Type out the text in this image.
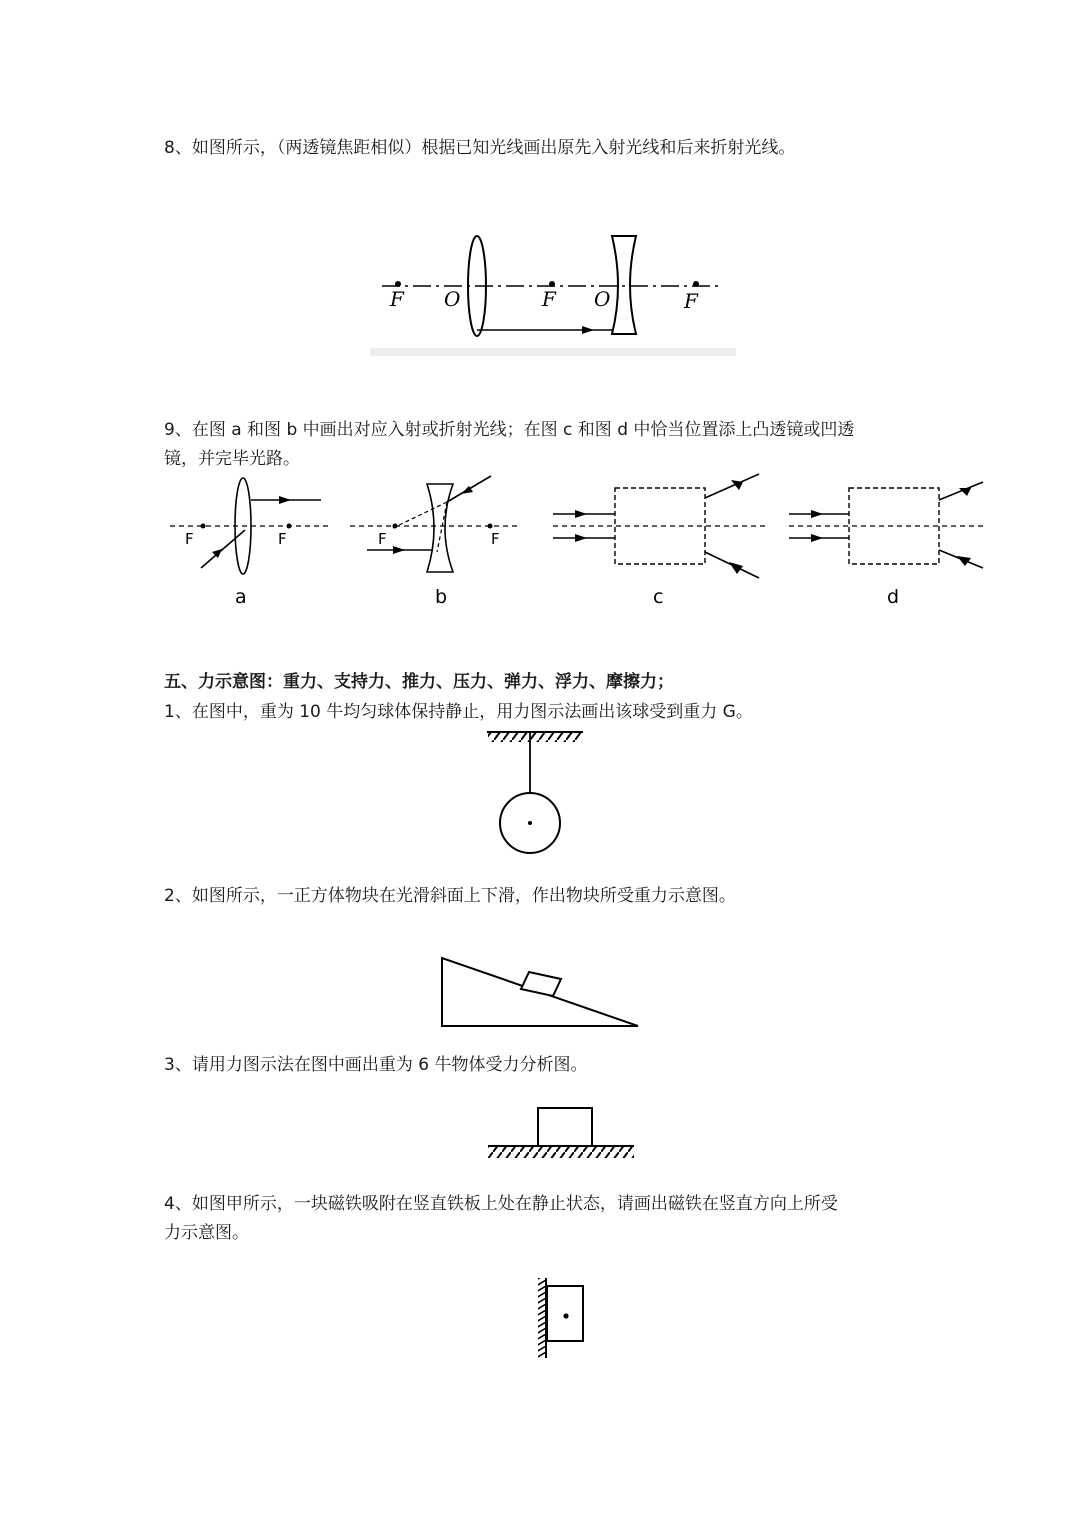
8、如图所示，（两透镜焦距相似）根据已知光线画出原先入射光线和后来折射光线。
F O	F O	F
9、在图 a 和图 b 中画出对应入射或折射光线；在图 c 和图 d 中恰当位置添上凸透镜或凹透
镜，并完毕光路。
F	F
a
F	F
b	c	d
五、力示意图：重力、支持力、推力、压力、弹力、浮力、摩擦力；
1、在图中，重为 10 牛均匀球体保持静止，用力图示法画出该球受到重力 G。
2、如图所示，一正方体物块在光滑斜面上下滑，作出物块所受重力示意图。
3、请用力图示法在图中画出重为 6 牛物体受力分析图。
4、如图甲所示，一块磁铁吸附在竖直铁板上处在静止状态，请画出磁铁在竖直方向上所受
力示意图。
